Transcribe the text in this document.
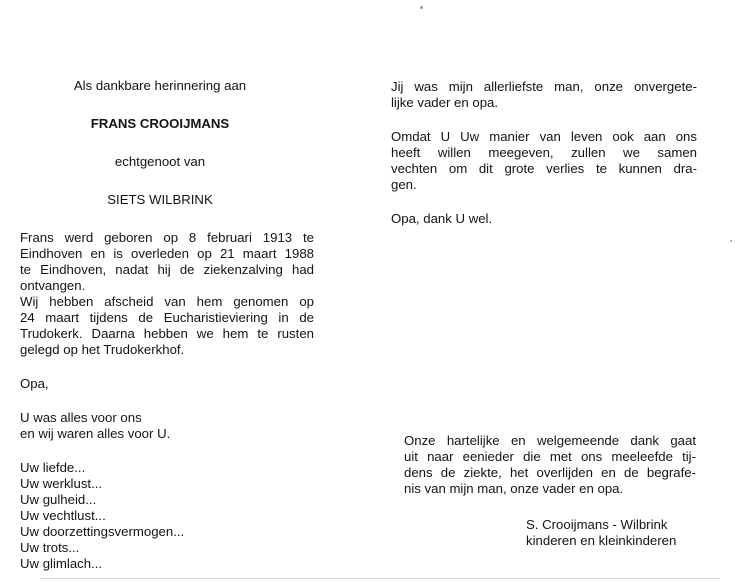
Als dankbare herinnering aan

FRANS CROOIJMANS

echtgenoot van

SIETS WILBRINK

Frans werd geboren op 8 februari 1913 te

Eindhoven en is overleden op 21 maart 1988

te Eindhoven, nadat hij de ziekenzalving had

ontvangen.

Wij hebben afscheid van hem genomen op

24 maart tijdens de Eucharistieviering in de

Trudokerk. Daarna hebben we hem te rusten

gelegd op het Trudokerkhof.

Opa,

U was alles voor ons

en wij waren alles voor U.

Uw liefde...

Uw werklust...

Uw gulheid...

Uw vechtlust...

Uw doorzettingsvermogen...

Uw trots...

Uw glimlach...

Jij was mijn allerliefste man, onze onvergete-

lijke vader en opa.

Omdat U Uw manier van leven ook aan ons

heeft willen meegeven, zullen we samen

vechten om dit grote verlies te kunnen dra-

gen.

Opa, dank U wel.

Onze hartelijke en welgemeende dank gaat

uit naar eenieder die met ons meeleefde tij-

dens de ziekte, het overlijden en de begrafe-

nis van mijn man, onze vader en opa.

S. Crooijmans - Wilbrink

kinderen en kleinkinderen
